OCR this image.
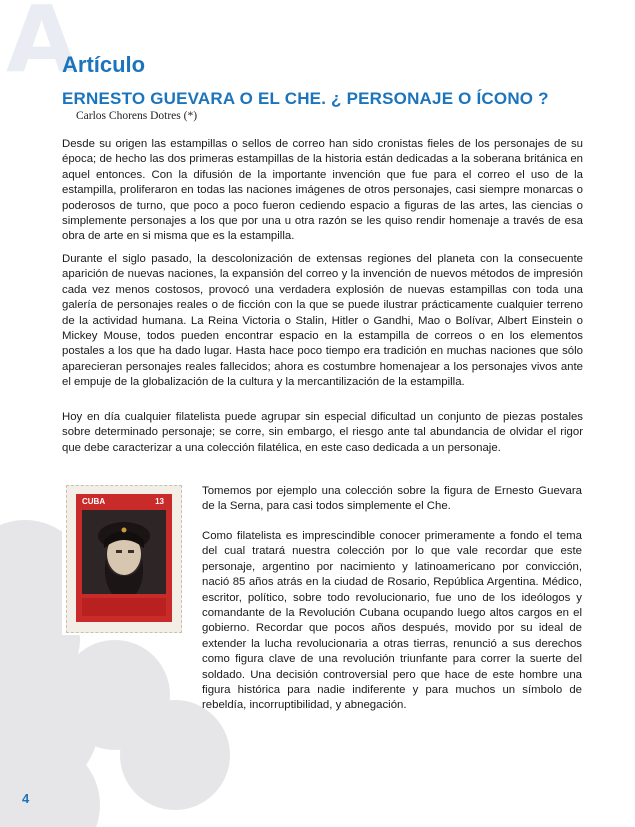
A
Artículo
ERNESTO GUEVARA O EL CHE. ¿ PERSONAJE O ÍCONO ?
Carlos Chorens Dotres (*)

Desde su origen las estampillas o sellos de correo han sido cronistas fieles de los personajes de su época; de hecho las dos primeras estampillas de la historia están dedicadas a la soberana británica en aquel entonces. Con la difusión de la importante invención que fue para el correo el uso de la estampilla, proliferaron en todas las naciones imágenes de otros personajes, casi siempre monarcas o poderosos de turno, que poco a poco fueron cediendo espacio a figuras de las artes, las ciencias o simplemente personajes a los que por una u otra razón se les quiso rendir homenaje a través de esa obra de arte en si misma que es la estampilla.

Durante el siglo pasado, la descolonización de extensas regiones del planeta con la consecuente aparición de nuevas naciones, la expansión del correo y la invención de nuevos métodos de impresión cada vez menos costosos, provocó una verdadera explosión de nuevas estampillas con toda una galería de personajes reales o de ficción con la que se puede ilustrar prácticamente cualquier terreno de la actividad humana. La Reina Victoria o Stalin, Hitler o Gandhi, Mao o Bolívar, Albert Einstein o Mickey Mouse, todos pueden encontrar espacio en la estampilla de correos o en los elementos postales a los que ha dado lugar. Hasta hace poco tiempo era tradición en muchas naciones que sólo aparecieran personajes reales fallecidos; ahora es costumbre homenajear a los personajes vivos ante el empuje de la globalización de la cultura y la mercantilización de la estampilla.

Hoy en día cualquier filatelista puede agrupar sin especial dificultad un conjunto de piezas postales sobre determinado personaje; se corre, sin embargo, el riesgo ante tal abundancia de olvidar el rigor que debe caracterizar a una colección filatélica, en este caso dedicada a un personaje.

CUBA	13

Tomemos por ejemplo una colección sobre la figura de Ernesto Guevara de la Serna, para casi todos simplemente el Che.

Como filatelista es imprescindible conocer primeramente a fondo el tema del cual tratará nuestra colección por lo que vale recordar que este personaje, argentino por nacimiento y latinoamericano por convicción, nació 85 años atrás en la ciudad de Rosario, República Argentina. Médico, escritor, político, sobre todo revolucionario, fue uno de los ideólogos y comandante de la Revolución Cubana ocupando luego altos cargos en el gobierno. Recordar que pocos años después, movido por su ideal de extender la lucha revolucionaria a otras tierras, renunció a sus derechos como figura clave de una revolución triunfante para correr la suerte del soldado. Una decisión controversial pero que hace de este hombre una figura histórica para nadie indiferente y para muchos un símbolo de rebeldía, incorruptibilidad, y abnegación.

4
